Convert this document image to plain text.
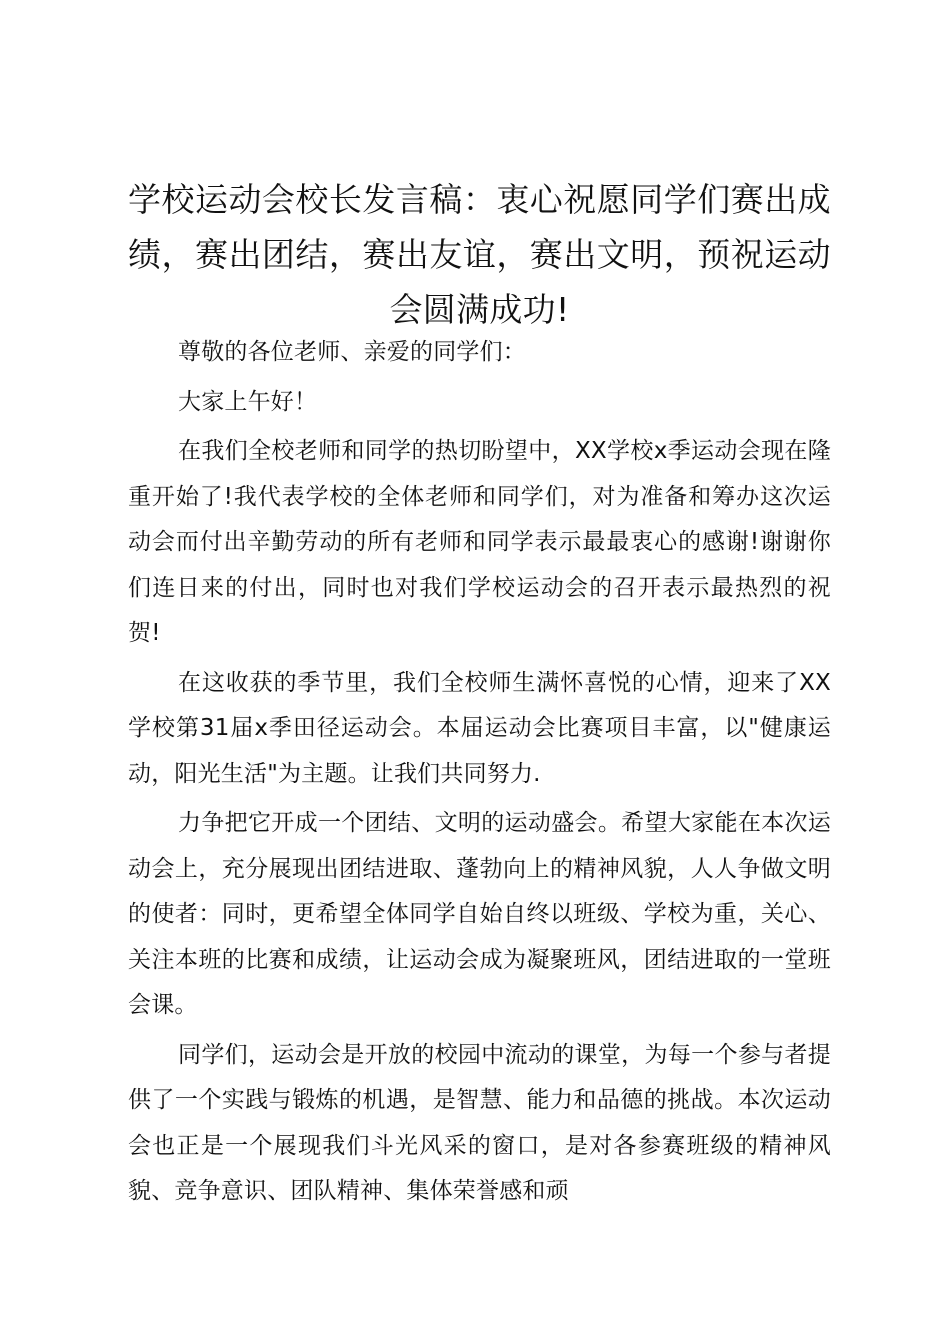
学校运动会校长发言稿：衷心祝愿同学们赛出成绩，赛出团结，赛出友谊，赛出文明，预祝运动会圆满成功!

尊敬的各位老师、亲爱的同学们：

大家上午好！

在我们全校老师和同学的热切盼望中，XX学校x季运动会现在隆重开始了!我代表学校的全体老师和同学们，对为准备和筹办这次运动会而付出辛勤劳动的所有老师和同学表示最最衷心的感谢!谢谢你们连日来的付出，同时也对我们学校运动会的召开表示最热烈的祝贺!

在这收获的季节里，我们全校师生满怀喜悦的心情，迎来了XX学校第31届x季田径运动会。本届运动会比赛项目丰富，以"健康运动，阳光生活"为主题。让我们共同努力.

力争把它开成一个团结、文明的运动盛会。希望大家能在本次运动会上，充分展现出团结进取、蓬勃向上的精神风貌，人人争做文明的使者：同时，更希望全体同学自始自终以班级、学校为重，关心、关注本班的比赛和成绩，让运动会成为凝聚班风，团结进取的一堂班会课。

同学们，运动会是开放的校园中流动的课堂，为每一个参与者提供了一个实践与锻炼的机遇，是智慧、能力和品德的挑战。本次运动会也正是一个展现我们斗光风采的窗口，是对各参赛班级的精神风貌、竞争意识、团队精神、集体荣誉感和顽
